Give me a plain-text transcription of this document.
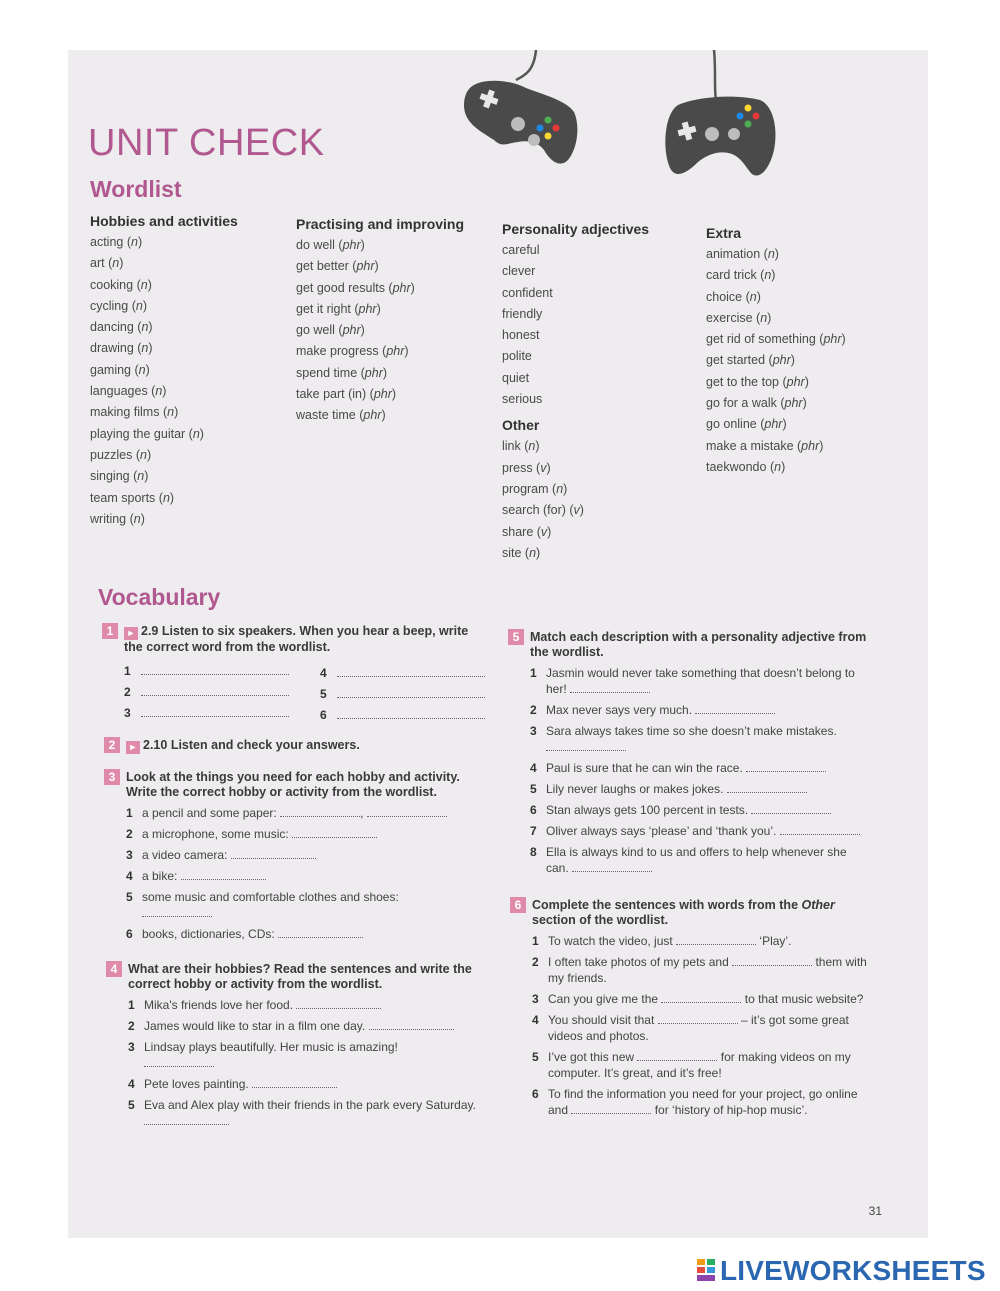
UNIT CHECK
Wordlist
Hobbies and activities
acting (n)
art (n)
cooking (n)
cycling (n)
dancing (n)
drawing (n)
gaming (n)
languages (n)
making films (n)
playing the guitar (n)
puzzles (n)
singing (n)
team sports (n)
writing (n)
Practising and improving
do well (phr)
get better (phr)
get good results (phr)
get it right (phr)
go well (phr)
make progress (phr)
spend time (phr)
take part (in) (phr)
waste time (phr)
Personality adjectives
careful
clever
confident
friendly
honest
polite
quiet
serious
Other
link (n)
press (v)
program (n)
search (for) (v)
share (v)
site (n)
Extra
animation (n)
card trick (n)
choice (n)
exercise (n)
get rid of something (phr)
get started (phr)
get to the top (phr)
go for a walk (phr)
go online (phr)
make a mistake (phr)
taekwondo (n)
Vocabulary
1	► 2.9 Listen to six speakers. When you hear a beep, write the correct word from the wordlist.
1
2
3
4
5
6
2	► 2.10 Listen and check your answers.
3 Look at the things you need for each hobby and activity. Write the correct hobby or activity from the wordlist.
1 a pencil and some paper:	,
2 a microphone, some music:
3 a video camera:
4 a bike:
5 some music and comfortable clothes and shoes:

6 books, dictionaries, CDs:
4 What are their hobbies? Read the sentences and write the correct hobby or activity from the wordlist.
1 Mika's friends love her food.
2 James would like to star in a film one day.
3 Lindsay plays beautifully. Her music is amazing!

4 Pete loves painting.
5 Eva and Alex play with their friends in the park every Saturday.
5 Match each description with a personality adjective from the wordlist.
1 Jasmin would never take something that doesn’t belong to her!
2 Max never says very much.
3 Sara always takes time so she doesn’t make mistakes.

4 Paul is sure that he can win the race.
5 Lily never laughs or makes jokes.
6 Stan always gets 100 percent in tests.
7 Oliver always says ‘please’ and ‘thank you’.
8 Ella is always kind to us and offers to help whenever she can.
6 Complete the sentences with words from the Other section of the wordlist.
1 To watch the video, just	‘Play’.
2 I often take photos of my pets and	them with my friends.
3 Can you give me the	to that music website?
4 You should visit that	– it’s got some great videos and photos.
5 I’ve got this new	for making videos on my computer. It’s great, and it’s free!
6 To find the information you need for your project, go online and	for ‘history of hip-hop music’.
31
LIVEWORKSHEETS
